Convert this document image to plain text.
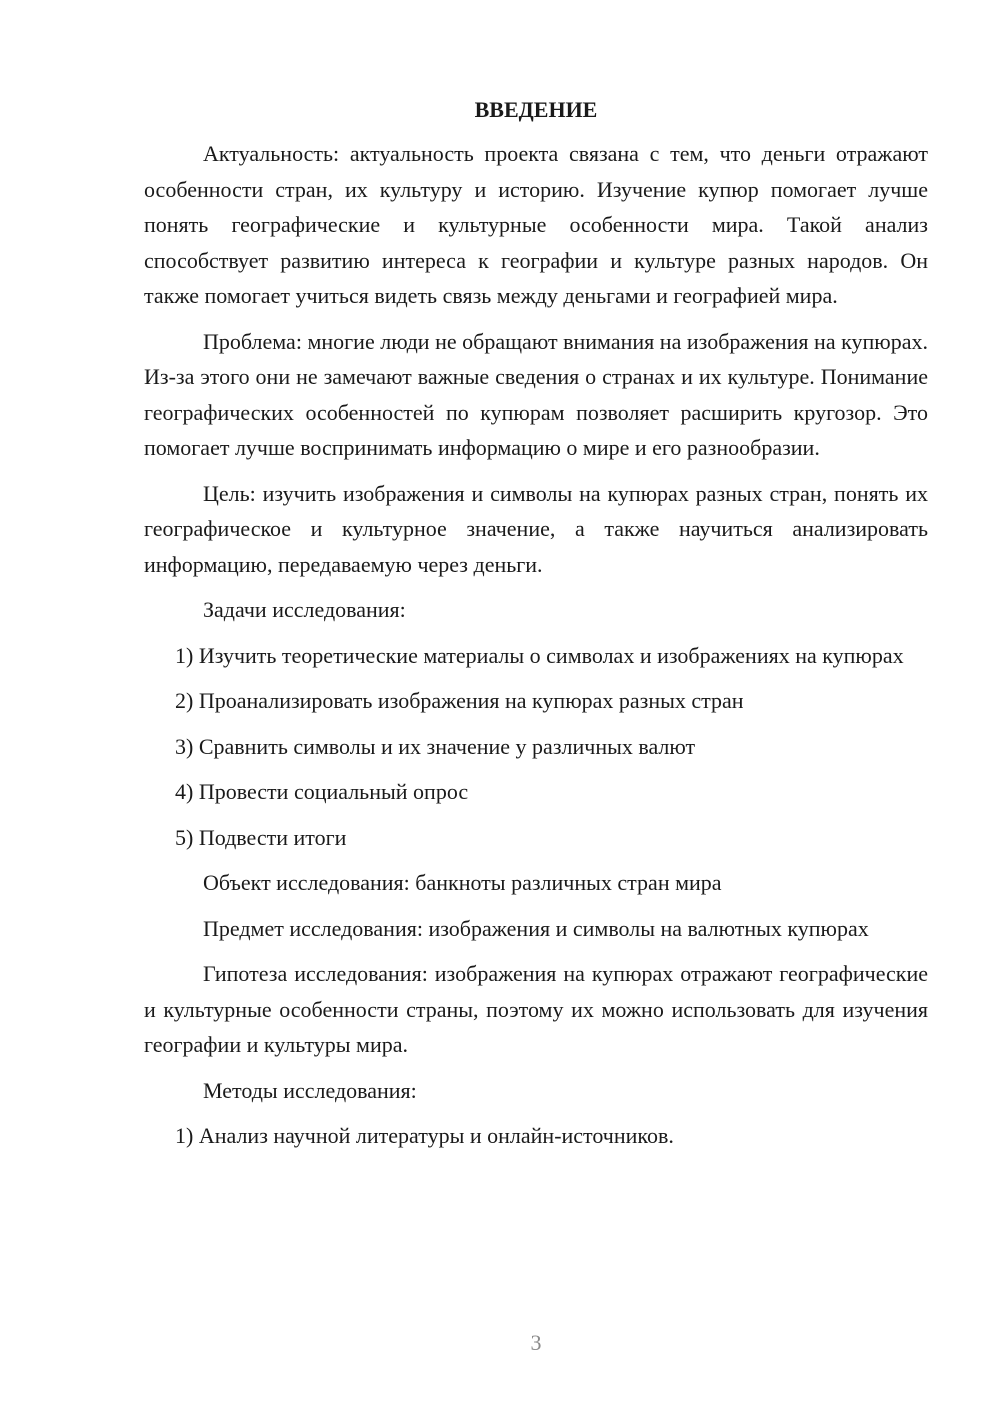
ВВЕДЕНИЕ

Актуальность: актуальность проекта связана с тем, что деньги отражают особенности стран, их культуру и историю. Изучение купюр помогает лучше понять географические и культурные особенности мира. Такой анализ способствует развитию интереса к географии и культуре разных народов. Он также помогает учиться видеть связь между деньгами и географией мира.

Проблема: многие люди не обращают внимания на изображения на купюрах. Из-за этого они не замечают важные сведения о странах и их культуре. Понимание географических особенностей по купюрам позволяет расширить кругозор. Это помогает лучше воспринимать информацию о мире и его разнообразии.

Цель: изучить изображения и символы на купюрах разных стран, понять их географическое и культурное значение, а также научиться анализировать информацию, передаваемую через деньги.

Задачи исследования:

1) Изучить теоретические материалы о символах и изображениях на купюрах

2) Проанализировать изображения на купюрах разных стран

3) Сравнить символы и их значение у различных валют

4) Провести социальный опрос

5) Подвести итоги

Объект исследования: банкноты различных стран мира

Предмет исследования: изображения и символы на валютных купюрах

Гипотеза исследования: изображения на купюрах отражают географические и культурные особенности страны, поэтому их можно использовать для изучения географии и культуры мира.

Методы исследования:

1) Анализ научной литературы и онлайн-источников.

3
